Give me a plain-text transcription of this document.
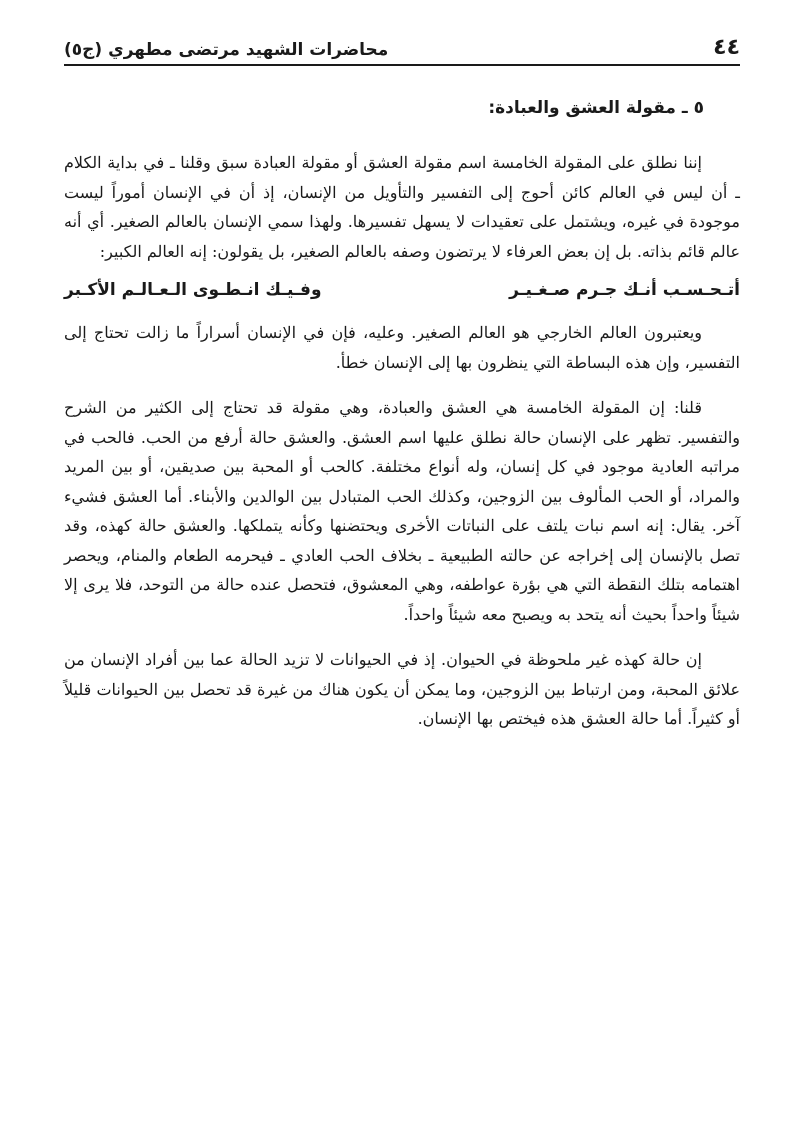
٤٤
محاضرات الشهيد مرتضى مطهري (ج٥)
٥ ـ مقولة العشق والعبادة:

إننا نطلق على المقولة الخامسة اسم مقولة العشق أو مقولة العبادة سبق وقلنا ـ في بداية الكلام ـ أن ليس في العالم كائن أحوج إلى التفسير والتأويل من الإنسان، إذ أن في الإنسان أموراً ليست موجودة في غيره، ويشتمل على تعقيدات لا يسهل تفسيرها. ولهذا سمي الإنسان بالعالم الصغير. أي أنه عالم قائم بذاته. بل إن بعض العرفاء لا يرتضون وصفه بالعالم الصغير، بل يقولون: إنه العالم الكبير:

أتـحـسـب أنـك جـرم صـغـيـر
وفـيـك انـطـوى الـعـالـم الأكـبر

ويعتبرون العالم الخارجي هو العالم الصغير. وعليه، فإن في الإنسان أسراراً ما زالت تحتاج إلى التفسير، وإن هذه البساطة التي ينظرون بها إلى الإنسان خطأ.

قلنا: إن المقولة الخامسة هي العشق والعبادة، وهي مقولة قد تحتاج إلى الكثير من الشرح والتفسير. تظهر على الإنسان حالة نطلق عليها اسم العشق. والعشق حالة أرفع من الحب. فالحب في مراتبه العادية موجود في كل إنسان، وله أنواع مختلفة. كالحب أو المحبة بين صديقين، أو بين المريد والمراد، أو الحب المألوف بين الزوجين، وكذلك الحب المتبادل بين الوالدين والأبناء. أما العشق فشيء آخر. يقال: إنه اسم نبات يلتف على النباتات الأخرى ويحتضنها وكأنه يتملكها. والعشق حالة كهذه، وقد تصل بالإنسان إلى إخراجه عن حالته الطبيعية ـ بخلاف الحب العادي ـ فيحرمه الطعام والمنام، ويحصر اهتمامه بتلك النقطة التي هي بؤرة عواطفه، وهي المعشوق، فتحصل عنده حالة من التوحد، فلا يرى إلا شيئاً واحداً بحيث أنه يتحد به ويصبح معه شيئاً واحداً.

إن حالة كهذه غير ملحوظة في الحيوان. إذ في الحيوانات لا تزيد الحالة عما بين أفراد الإنسان من علائق المحبة، ومن ارتباط بين الزوجين، وما يمكن أن يكون هناك من غيرة قد تحصل بين الحيوانات قليلاً أو كثيراً. أما حالة العشق هذه فيختص بها الإنسان.
